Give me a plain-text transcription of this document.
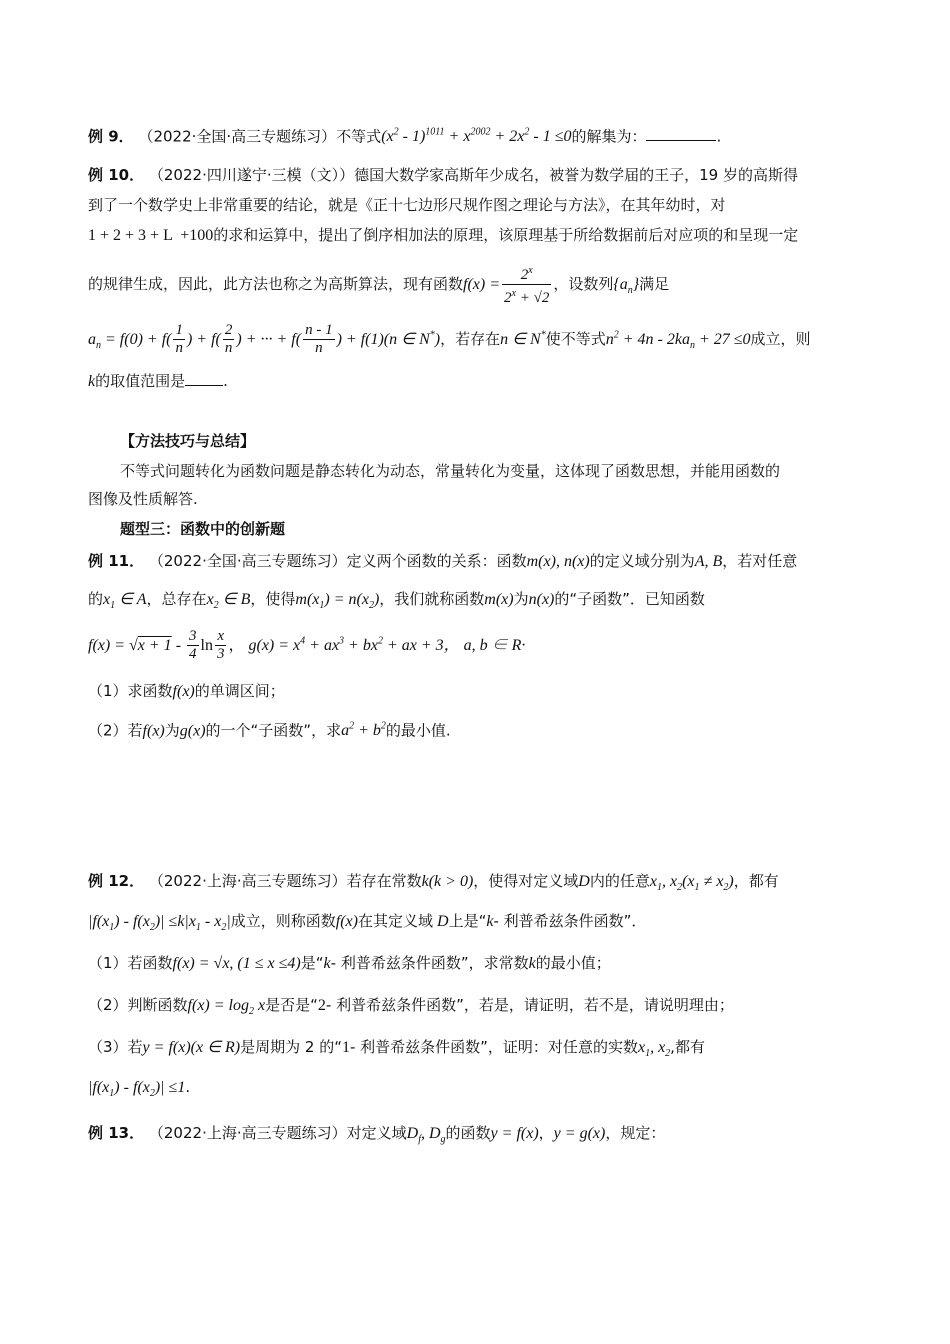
例 9． （2022·全国·高三专题练习）不等式$(x^2 - 1)^{1011} + x^{2002} + 2x^2 - 1 \le 0$的解集为：	.
例 10． （2022·四川遂宁·三模（文））德国大数学家高斯年少成名，被誉为数学届的王子，19 岁的高斯得
到了一个数学史上非常重要的结论，就是《正十七边形尺规作图之理论与方法》，在其年幼时，对
1 + 2 + 3 + L  +100的求和运算中，提出了倒序相加法的原理，该原理基于所给数据前后对应项的和呈现一定
的规律生成，因此，此方法也称之为高斯算法，现有函数$f(x) = \frac{2^x}{2^x + √2}$ ，设数列$\{a_n\}$满足
$a_n = f(0) + f( \frac{1}{n}$ ) + $f( \frac{2}{n}$ ) + ··· + $f( \frac{n - 1}{n}$ ) + f(1)(n ∈ N*)，若存在n ∈ N*使不等式$n^2 + 4n - 2ka_n + 27 \le 0$成立，则
k的取值范围是	.
【方法技巧与总结】
不等式问题转化为函数问题是静态转化为动态，常量转化为变量，这体现了函数思想，并能用函数的
图像及性质解答.
题型三：函数中的创新题
例 11． （2022·全国·高三专题练习）定义两个函数的关系：函数m(x), n(x)的定义域分别为A, B，若对任意
的$x_1$ ∈ A，总存在$x_2$ ∈ B，使得$m(x_1) = n(x_2)$，我们就称函数m(x)为n(x)的“子函数”．已知函数
$f(x) = √x + 1 - \frac{3}{4}$ $\ln \frac{x}{3}$ ， $g(x) = x^4 + ax^3 + bx^2$ + ax + 3， a, b ∈ R·
（1）求函数f(x)的单调区间；
（2）若f(x)为g(x)的一个“子函数”，求$a^2 + b^2$的最小值.
例 12． （2022·上海·高三专题练习）若存在常数k(k > 0)，使得对定义域D内的任意$x_1$, $x_2(x_1 \ne x_2)$，都有
$|f(x_1) - f(x_2)| \le k|x_1 - x_2|$成立，则称函数f(x)在其定义域 D上是“k- 利普希兹条件函数”．
（1）若函数f(x) = √x, (1 ≤ x ≤4)是“k- 利普希兹条件函数”，求常数k的最小值；
（2）判断函数$f(x) = \log_2 x$是否是“2- 利普希兹条件函数”，若是，请证明，若不是，请说明理由；
（3）若y = f(x)(x ∈ R)是周期为 2 的“1- 利普希兹条件函数”，证明：对任意的实数$x_1$, $x_2$,都有
$|f(x_1) - f(x_2)| \le 1$.
例 13． （2022·上海·高三专题练习）对定义域$D_f$, $D_g$的函数y = f(x)，y = g(x)，规定：
